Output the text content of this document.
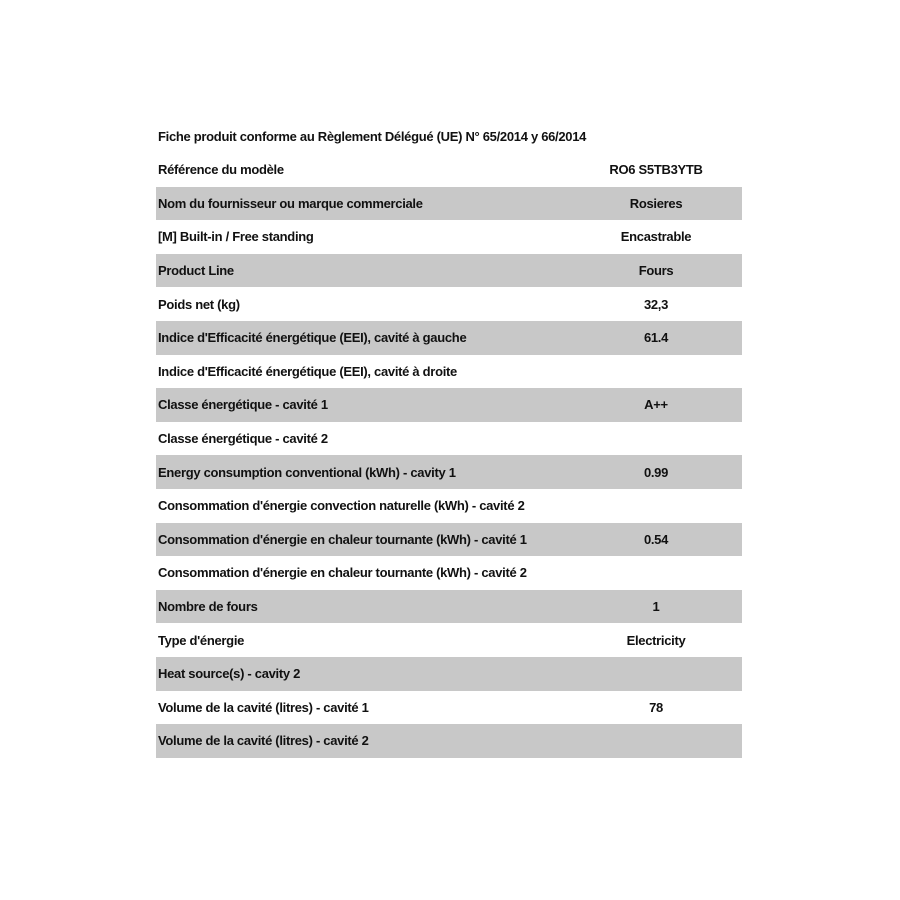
Fiche produit conforme au Règlement Délégué (UE) N° 65/2014 y 66/2014
Référence du modèle	RO6 S5TB3YTB
Nom du fournisseur ou marque commerciale	Rosieres
[M] Built-in / Free standing	Encastrable
Product Line	Fours
Poids net (kg)	32,3
Indice d'Efficacité énergétique (EEI), cavité à gauche	61.4
Indice d'Efficacité énergétique (EEI), cavité à droite
Classe énergétique - cavité 1	A++
Classe énergétique - cavité 2
Energy consumption conventional (kWh) - cavity 1	0.99
Consommation d'énergie convection naturelle (kWh) - cavité 2
Consommation d'énergie en chaleur tournante (kWh) - cavité 1	0.54
Consommation d'énergie en chaleur tournante (kWh) - cavité 2
Nombre de fours	1
Type d'énergie	Electricity
Heat source(s) - cavity 2
Volume de la cavité (litres) - cavité 1	78
Volume de la cavité (litres) - cavité 2
